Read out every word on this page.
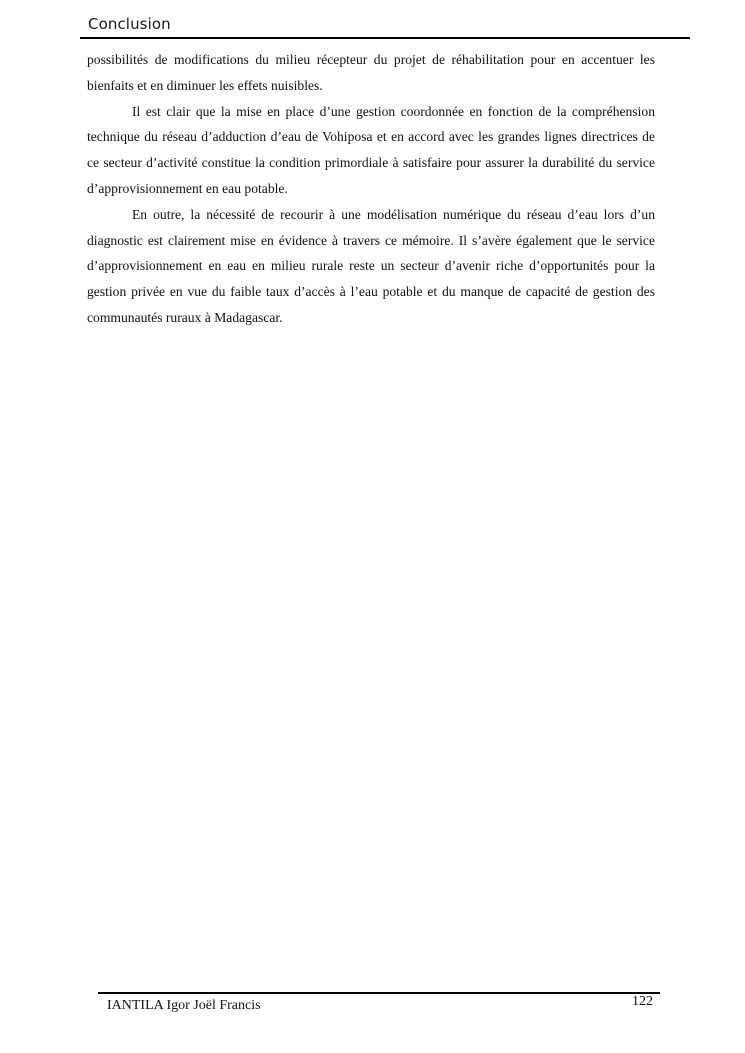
Conclusion

possibilités de modifications du milieu récepteur du projet de réhabilitation pour en accentuer les bienfaits et en diminuer les effets nuisibles.

Il est clair que la mise en place d’une gestion coordonnée en fonction de la compréhension technique du réseau d’adduction d’eau de Vohiposa et en accord avec les grandes lignes directrices de ce secteur d’activité constitue la condition primordiale à satisfaire pour assurer la durabilité du service d’approvisionnement en eau potable.

En outre, la nécessité de recourir à une modélisation numérique du réseau d’eau lors d’un diagnostic est clairement mise en évidence à travers ce mémoire. Il s’avère également que le service d’approvisionnement en eau en milieu rurale reste un secteur d’avenir riche d’opportunités pour la gestion privée en vue du faible taux d’accès à l’eau potable et du manque de capacité de gestion des communautés ruraux à Madagascar.

IANTILA Igor Joël Francis	122
